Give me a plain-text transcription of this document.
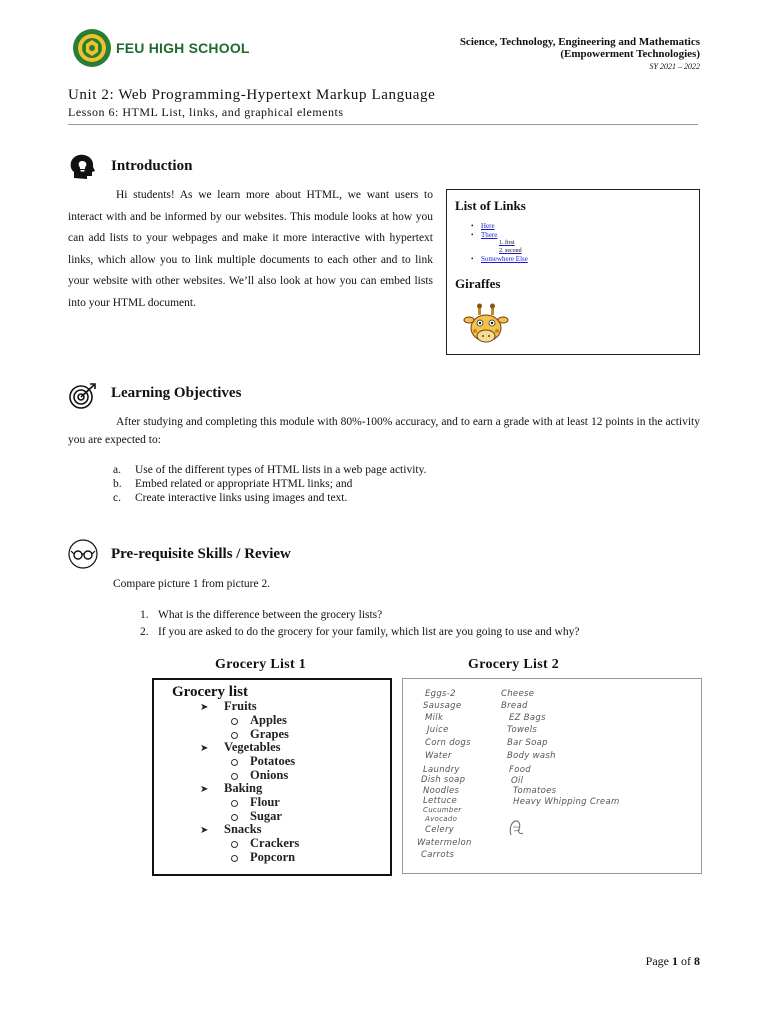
FEU HIGH SCHOOL	Science, Technology, Engineering and Mathematics
(Empowerment Technologies)
SY 2021 – 2022
Unit 2: Web Programming-Hypertext Markup Language
Lesson 6: HTML List, links, and graphical elements
Introduction
Hi students! As we learn more about HTML, we want users to interact with and be informed by our websites. This module looks at how you can add lists to your webpages and make it more interactive with hypertext links, which allow you to link multiple documents to each other and to link your website with other websites. We’ll also look at how you can embed lists into your HTML document.
List of Links
• Here
• There
1. first
2. second
• Somewhere Else
Giraffes
Learning Objectives
After studying and completing this module with 80%-100% accuracy, and to earn a grade with at least 12 points in the activity you are expected to:
a. Use of the different types of HTML lists in a web page activity.
b. Embed related or appropriate HTML links; and
c. Create interactive links using images and text.
Pre-requisite Skills / Review
Compare picture 1 from picture 2.
1. What is the difference between the grocery lists?
2. If you are asked to do the grocery for your family, which list are you going to use and why?
Grocery List 1	Grocery List 2
Grocery list
➤ Fruits
Apples
Grapes
➤ Vegetables
Potatoes
Onions
➤ Baking
Flour
Sugar
➤ Snacks
Crackers
Popcorn
Eggs-2
Sausage
Milk
Juice
Corn dogs
Water
Laundry
Dish soap
Noodles
Lettuce
Cucumber
Avocado
Celery
Watermelon
Carrots
Cheese
Bread
EZ Bags
Towels
Bar Soap
Body wash
Food
Oil
Tomatoes
Heavy Whipping Cream
Page 1 of 8
